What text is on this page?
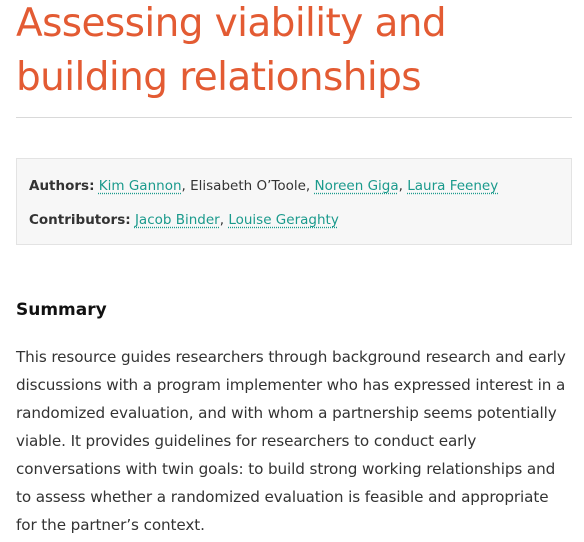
Assessing viability and building relationships
Authors: Kim Gannon, Elisabeth O’Toole, Noreen Giga, Laura Feeney
Contributors: Jacob Binder, Louise Geraghty
Summary

This resource guides researchers through background research and early discussions with a program implementer who has expressed interest in a randomized evaluation, and with whom a partnership seems potentially viable. It provides guidelines for researchers to conduct early conversations with twin goals: to build strong working relationships and to assess whether a randomized evaluation is feasible and appropriate for the partner’s context.
